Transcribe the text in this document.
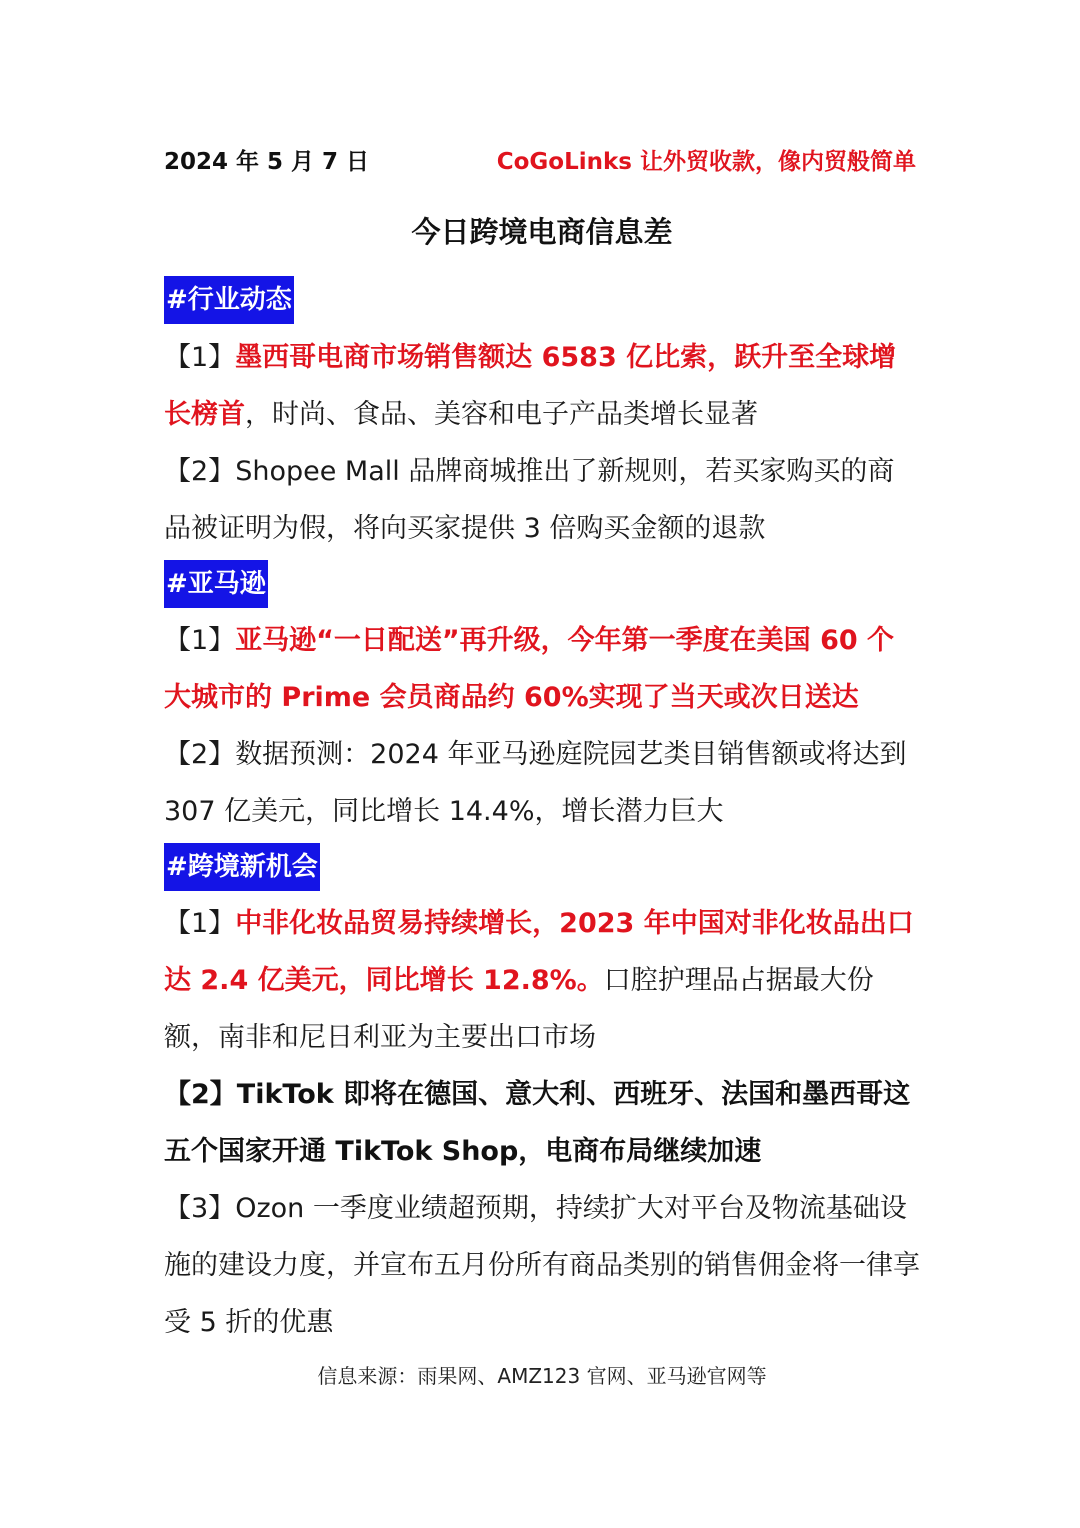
2024 年 5 月 7 日	CoGoLinks 让外贸收款，像内贸般简单
今日跨境电商信息差
#行业动态
【1】墨西哥电商市场销售额达 6583 亿比索，跃升至全球增长榜首，时尚、食品、美容和电子产品类增长显著
【2】Shopee Mall 品牌商城推出了新规则，若买家购买的商品被证明为假，将向买家提供 3 倍购买金额的退款
#亚马逊
【1】亚马逊“一日配送”再升级，今年第一季度在美国 60 个大城市的 Prime 会员商品约 60%实现了当天或次日送达
【2】数据预测：2024 年亚马逊庭院园艺类目销售额或将达到 307 亿美元，同比增长 14.4%，增长潜力巨大
#跨境新机会
【1】中非化妆品贸易持续增长，2023 年中国对非化妆品出口达 2.4 亿美元，同比增长 12.8%。口腔护理品占据最大份额，南非和尼日利亚为主要出口市场
【2】TikTok 即将在德国、意大利、西班牙、法国和墨西哥这五个国家开通 TikTok Shop，电商布局继续加速
【3】Ozon 一季度业绩超预期，持续扩大对平台及物流基础设施的建设力度，并宣布五月份所有商品类别的销售佣金将一律享受 5 折的优惠
信息来源：雨果网、AMZ123 官网、亚马逊官网等
